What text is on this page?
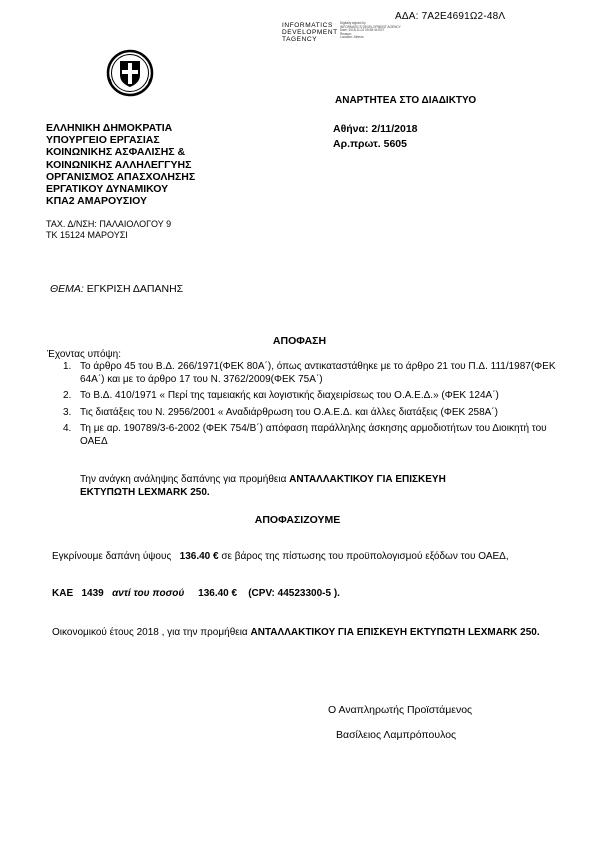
ΑΔΑ: 7Α2Ε4691Ω2-48Λ
INFORMATICS
DEVELOPMENT
TAGENCY
Digitally signed by
INFORMATICS DEVELOPMENT AGENCY
Date: 2018.11.02 09:38:44 EET
Reason:
Location: Athens
ΑΝΑΡΤΗΤΕΑ ΣΤΟ ΔΙΑΔΙΚΤΥΟ
ΕΛΛΗΝΙΚΗ ΔΗΜΟΚΡΑΤΙΑ
ΥΠΟΥΡΓΕΙΟ ΕΡΓΑΣΙΑΣ
ΚΟΙΝΩΝΙΚΗΣ ΑΣΦΑΛΙΣΗΣ &
ΚΟΙΝΩΝΙΚΗΣ ΑΛΛΗΛΕΓΓΥΗΣ
ΟΡΓΑΝΙΣΜΟΣ ΑΠΑΣΧΟΛΗΣΗΣ
ΕΡΓΑΤΙΚΟΥ ΔΥΝΑΜΙΚΟΥ
ΚΠΑ2 ΑΜΑΡΟΥΣΙΟΥ
ΤΑΧ. Δ/ΝΣΗ: ΠΑΛΑΙΟΛΟΓΟΥ 9
ΤΚ 15124 ΜΑΡΟΥΣΙ
Αθήνα: 2/11/2018
Αρ.πρωτ. 5605
ΘΕΜΑ: ΕΓΚΡΙΣΗ ΔΑΠΑΝΗΣ
ΑΠΟΦΑΣΗ
Έχοντας υπόψη:
1. Το άρθρο 45 του Β.Δ. 266/1971(ΦΕΚ 80Α΄), όπως αντικαταστάθηκε με το άρθρο 21 του Π.Δ. 111/1987(ΦΕΚ 64Α΄) και με το άρθρο 17 του Ν. 3762/2009(ΦΕΚ 75Α΄)
2. Το Β.Δ. 410/1971 « Περί της ταμειακής και λογιστικής διαχειρίσεως του Ο.Α.Ε.Δ.» (ΦΕΚ 124Α΄)
3. Τις διατάξεις του Ν. 2956/2001 « Αναδιάρθρωση του Ο.Α.Ε.Δ. και άλλες διατάξεις (ΦΕΚ 258Α΄)
4. Τη με αρ. 190789/3-6-2002 (ΦΕΚ 754/Β΄) απόφαση παράλληλης άσκησης αρμοδιοτήτων του Διοικητή του ΟΑΕΔ
Την ανάγκη ανάληψης δαπάνης για προμήθεια ΑΝΤΑΛΛΑΚΤΙΚΟΥ ΓΙΑ ΕΠΙΣΚΕΥΗ
ΕΚΤΥΠΩΤΗ LEXMARK 250.
ΑΠΟΦΑΣΙΖΟΥΜΕ
Εγκρίνουμε δαπάνη ύψους 136.40 € σε βάρος της πίστωσης του προϋπολογισμού εξόδων του ΟΑΕΔ,
ΚΑΕ 1439 αντί του ποσού 136.40 € (CPV: 44523300-5 ).
Οικονομικού έτους 2018 , για την προμήθεια ΑΝΤΑΛΛΑΚΤΙΚΟΥ ΓΙΑ ΕΠΙΣΚΕΥΗ ΕΚΤΥΠΩΤΗ LEXMARK 250.
Ο Αναπληρωτής Προϊστάμενος
Βασίλειος Λαμπρόπουλος
